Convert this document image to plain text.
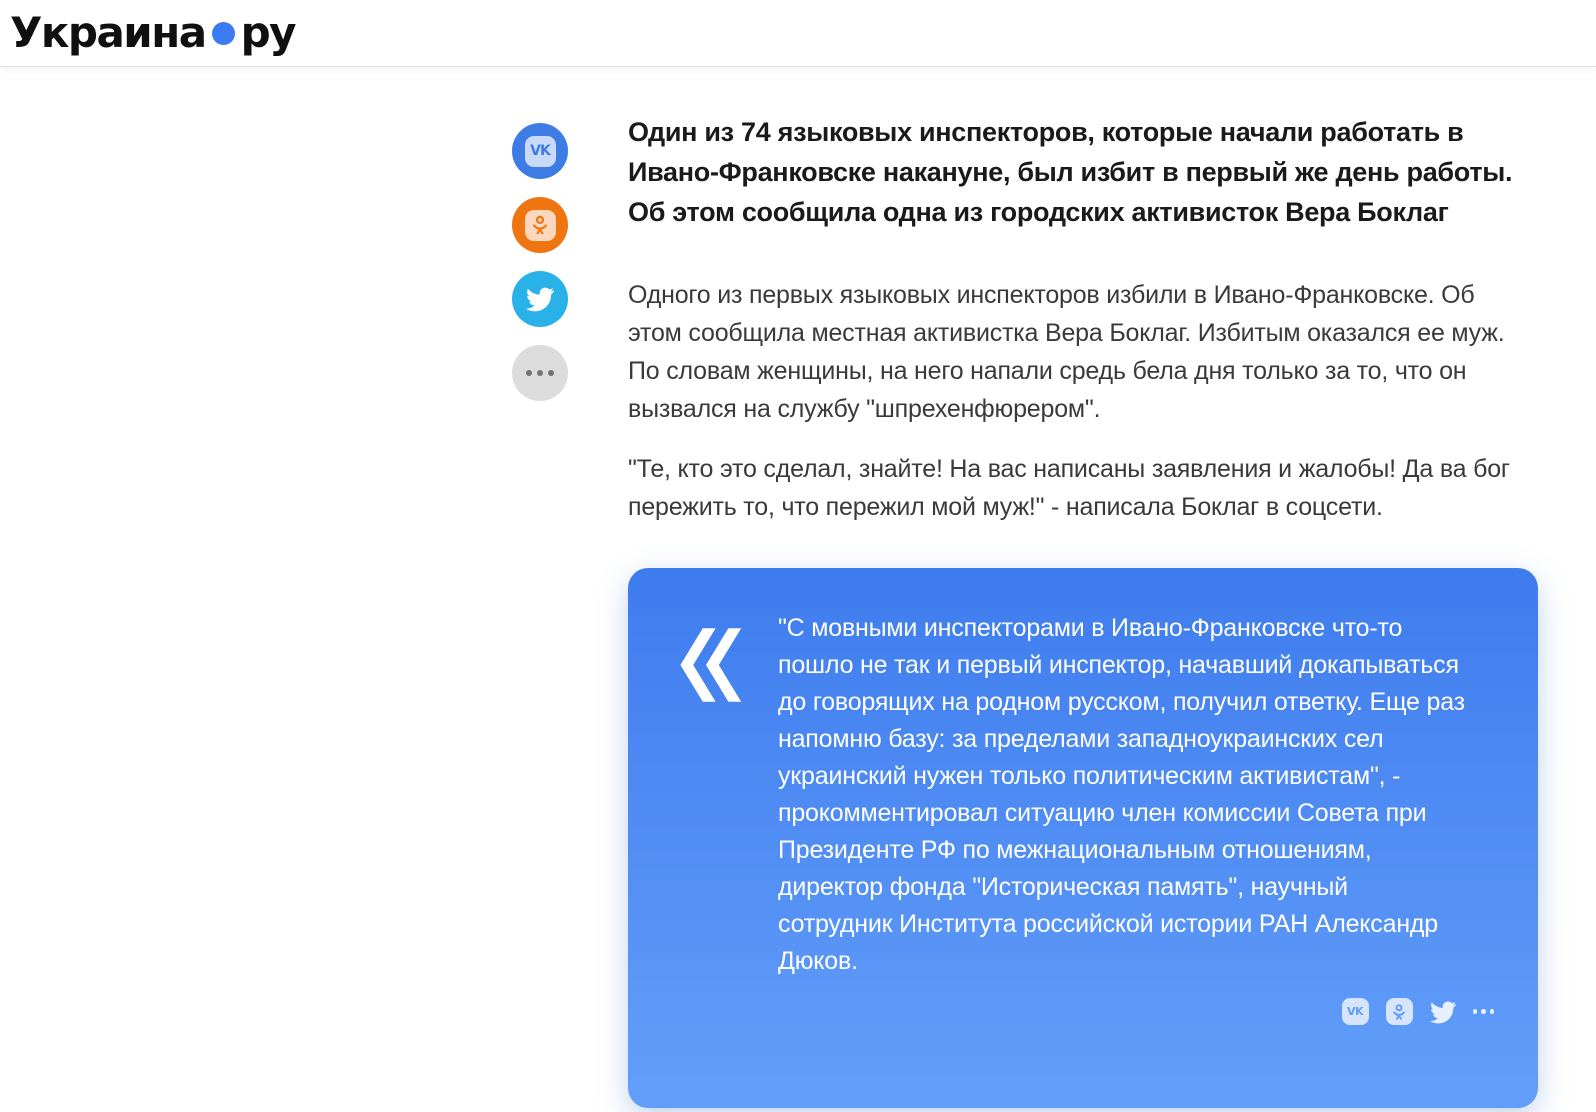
Украина ру
VK

Один из 74 языковых инспекторов, которые начали работать в Ивано-Франковске накануне, был избит в первый же день работы. Об этом сообщила одна из городских активисток Вера Боклаг

Одного из первых языковых инспекторов избили в Ивано-Франковске. Об этом сообщила местная активистка Вера Боклаг. Избитым оказался ее муж. По словам женщины, на него напали средь бела дня только за то, что он вызвался на службу "шпрехенфюрером".

"Те, кто это сделал, знайте! На вас написаны заявления и жалобы! Да ва бог пережить то, что пережил мой муж!" - написала Боклаг в соцсети.

"С мовными инспекторами в Ивано-Франковске что-то пошло не так и первый инспектор, начавший докапываться до говорящих на родном русском, получил ответку. Еще раз напомню базу: за пределами западноукраинских сел украинский нужен только политическим активистам", - прокомментировал ситуацию член комиссии Совета при Президенте РФ по межнациональным отношениям, директор фонда "Историческая память", научный сотрудник Института российской истории РАН Александр Дюков.
VK
